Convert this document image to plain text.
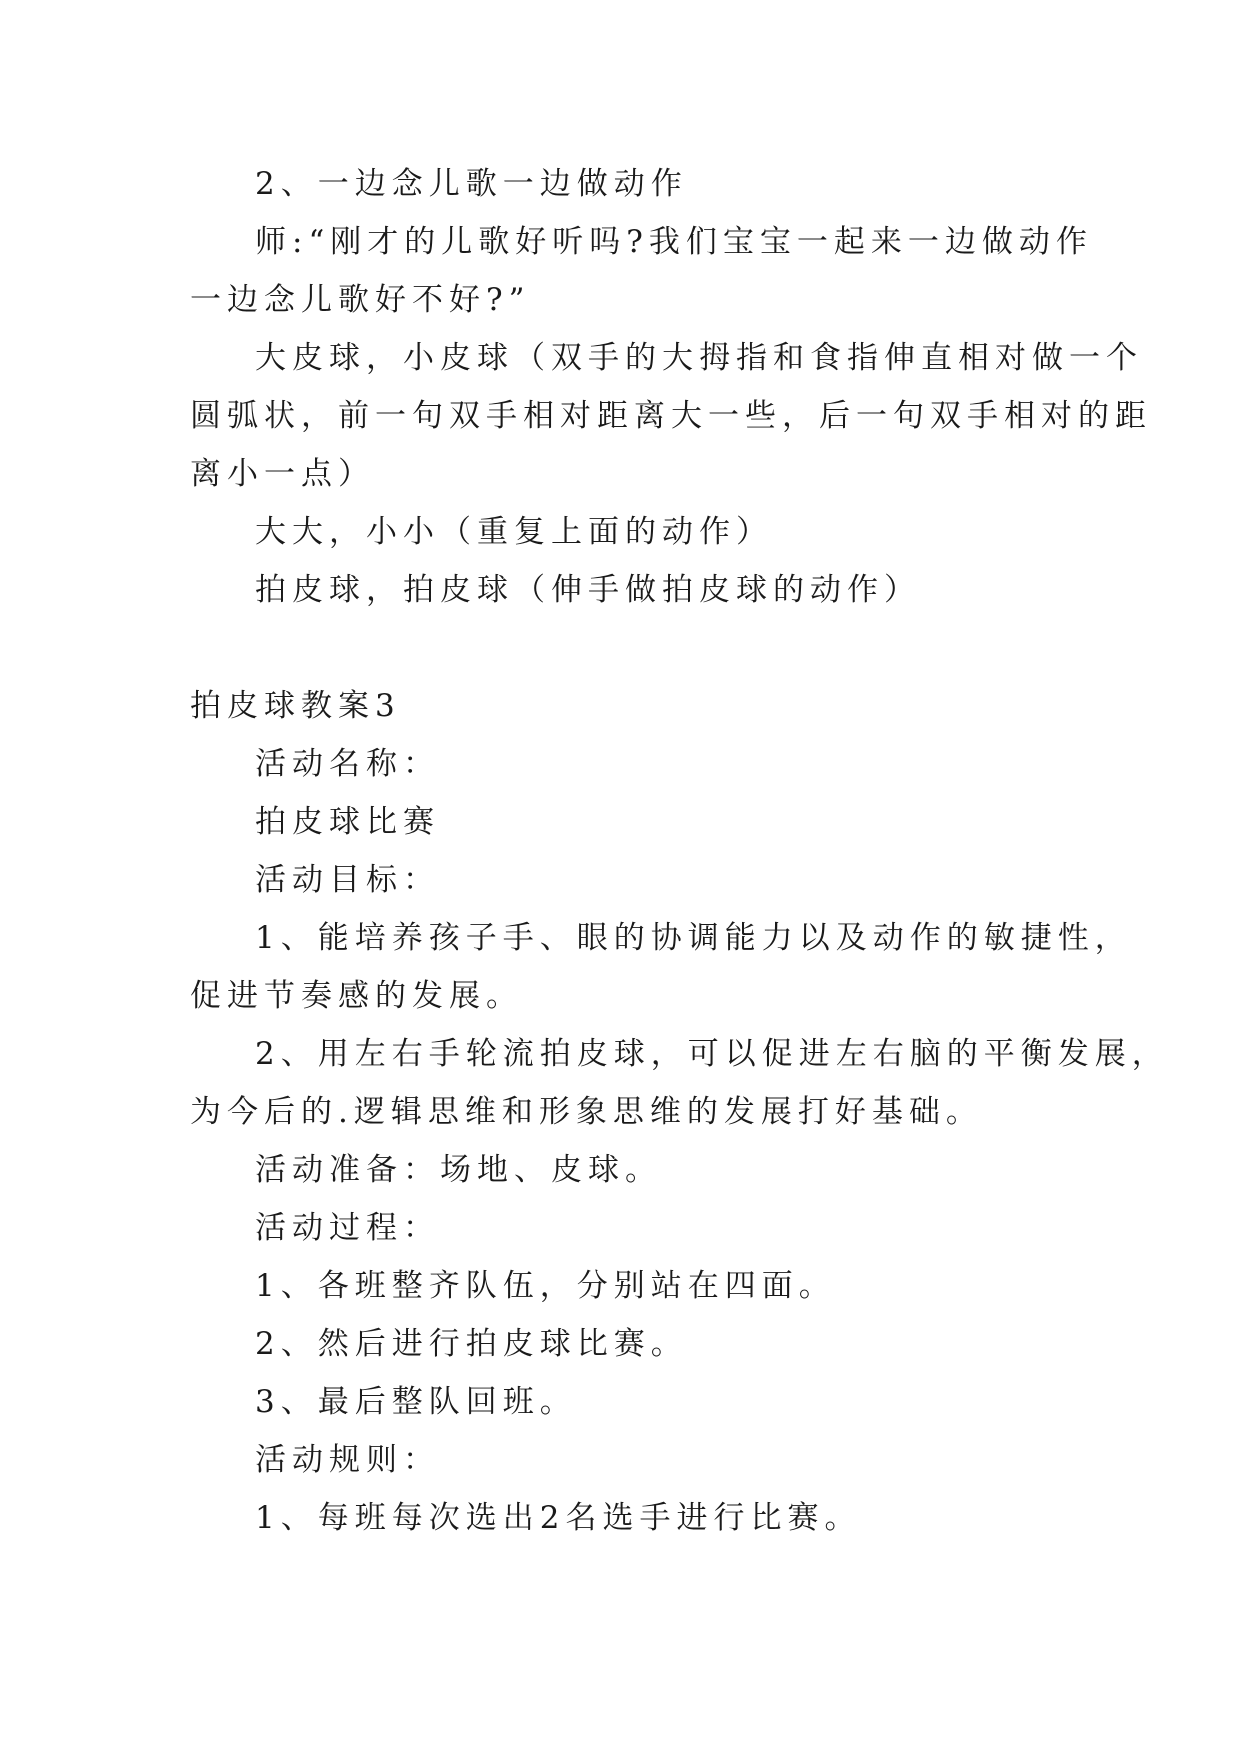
2、一边念儿歌一边做动作
师:“刚才的儿歌好听吗?我们宝宝一起来一边做动作
一边念儿歌好不好?”
大皮球，小皮球（双手的大拇指和食指伸直相对做一个
圆弧状，前一句双手相对距离大一些，后一句双手相对的距
离小一点）
大大，小小（重复上面的动作）
拍皮球，拍皮球（伸手做拍皮球的动作）
拍皮球教案3
活动名称：
拍皮球比赛
活动目标：
1、能培养孩子手、眼的协调能力以及动作的敏捷性，
促进节奏感的发展。
2、用左右手轮流拍皮球，可以促进左右脑的平衡发展，
为今后的.逻辑思维和形象思维的发展打好基础。
活动准备：场地、皮球。
活动过程：
1、各班整齐队伍，分别站在四面。
2、然后进行拍皮球比赛。
3、最后整队回班。
活动规则：
1、每班每次选出2名选手进行比赛。
